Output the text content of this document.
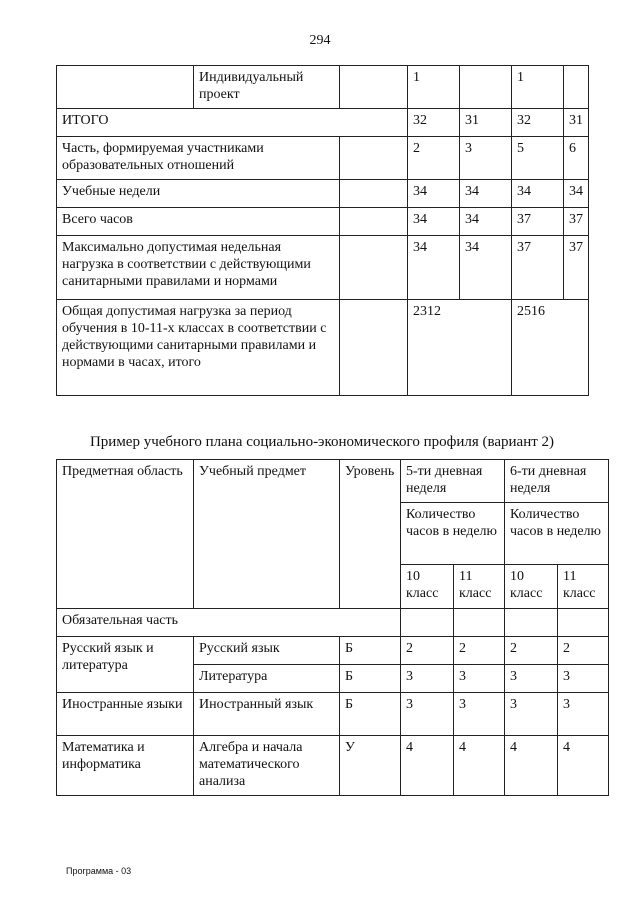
294
	Индивидуальный проект		1		1	
ИТОГО			32	31	32	31
Часть, формируемая участниками образовательных отношений			2	3	5	6
Учебные недели			34	34	34	34
Всего часов			34	34	37	37
Максимально допустимая недельная нагрузка в соответствии с действующими санитарными правилами и нормами			34	34	37	37
Общая допустимая нагрузка за период обучения в 10-11-х классах в соответствии с действующими санитарными правилами и нормами в часах, итого			2312		2516	
Пример учебного плана социально-экономического профиля (вариант 2)
Предметная область	Учебный предмет	Уровень	5-ти дневная неделя		6-ти дневная неделя	
			Количество часов в неделю		Количество часов в неделю	
			10 класс	11 класс	10 класс	11 класс
Обязательная часть						
Русский язык и литература	Русский язык	Б	2	2	2	2
	Литература	Б	3	3	3	3
Иностранные языки	Иностранный язык	Б	3	3	3	3
Математика и информатика	Алгебра и начала математического анализа	У	4	4	4	4
Программа - 03
